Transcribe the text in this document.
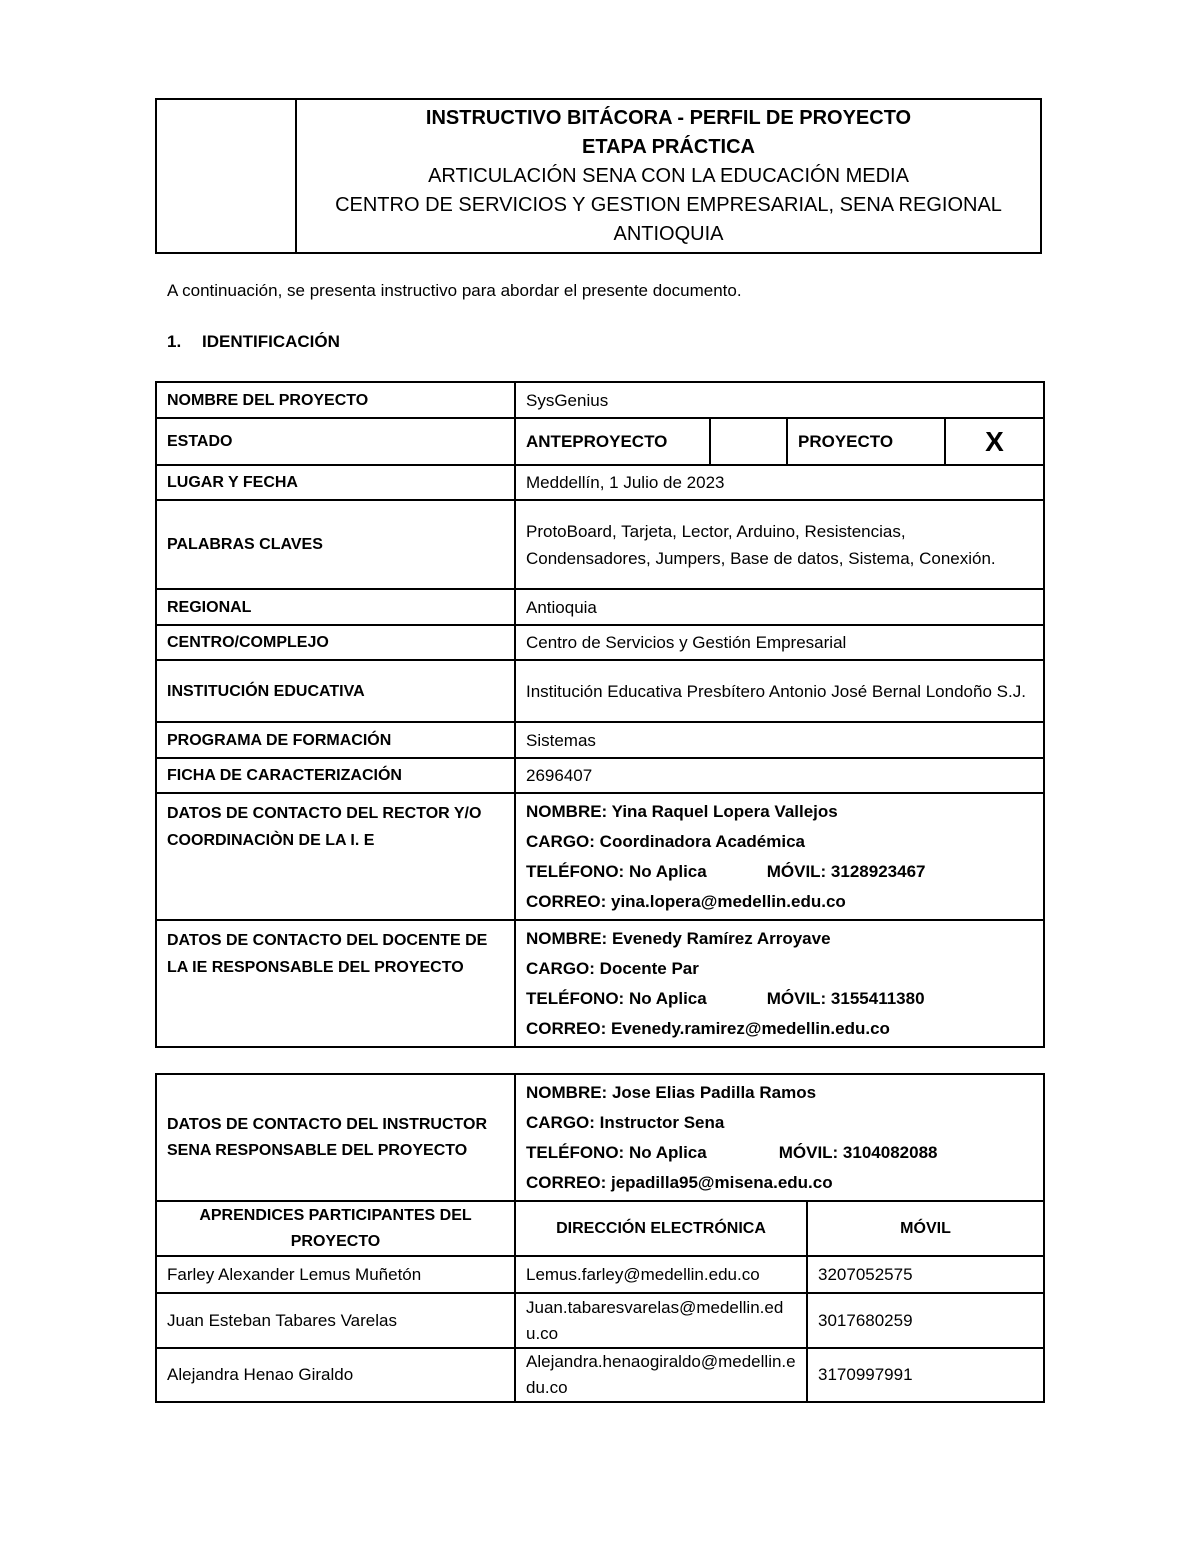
INSTRUCTIVO BITÁCORA - PERFIL DE PROYECTO
ETAPA PRÁCTICA
ARTICULACIÓN SENA CON LA EDUCACIÓN MEDIA
CENTRO DE SERVICIOS Y GESTION EMPRESARIAL, SENA REGIONAL
ANTIOQUIA
A continuación, se presenta instructivo para abordar el presente documento.
1. IDENTIFICACIÓN
NOMBRE DEL PROYECTO	SysGenius			
ESTADO	ANTEPROYECTO		PROYECTO	X
LUGAR Y FECHA	Meddellín, 1 Julio de 2023			
PALABRAS CLAVES	ProtoBoard, Tarjeta, Lector, Arduino, Resistencias, Condensadores, Jumpers, Base de datos, Sistema, Conexión.			
REGIONAL	Antioquia			
CENTRO/COMPLEJO	Centro de Servicios y Gestión Empresarial			
INSTITUCIÓN EDUCATIVA	Institución Educativa Presbítero Antonio José Bernal Londoño S.J.			
PROGRAMA DE FORMACIÓN	Sistemas			
FICHA DE CARACTERIZACIÓN	2696407			
DATOS DE CONTACTO DEL RECTOR Y/O COORDINACIÒN DE LA I. E	NOMBRE: Yina Raquel Lopera Vallejos
CARGO: Coordinadora Académica
TELÉFONO: No Aplica MÓVIL: 3128923467
CORREO: yina.lopera@medellin.edu.co			

DATOS DE CONTACTO DEL DOCENTE DE LA IE RESPONSABLE DEL PROYECTO	NOMBRE: Evenedy Ramírez Arroyave
CARGO: Docente Par
TELÉFONO: No Aplica MÓVIL: 3155411380
CORREO: Evenedy.ramirez@medellin.edu.co			
DATOS DE CONTACTO DEL INSTRUCTOR SENA RESPONSABLE DEL PROYECTO	NOMBRE: Jose Elias Padilla Ramos
CARGO: Instructor Sena
TELÉFONO: No Aplica MÓVIL: 3104082088
CORREO: jepadilla95@misena.edu.co	

APRENDICES PARTICIPANTES DEL PROYECTO	DIRECCIÓN ELECTRÓNICA	MÓVIL
Farley Alexander Lemus Muñetón	Lemus.farley@medellin.edu.co	3207052575
Juan Esteban Tabares Varelas	Juan.tabaresvarelas@medellin.edu.co	3017680259
Alejandra Henao Giraldo	Alejandra.henaogiraldo@medellin.edu.co	3170997991
